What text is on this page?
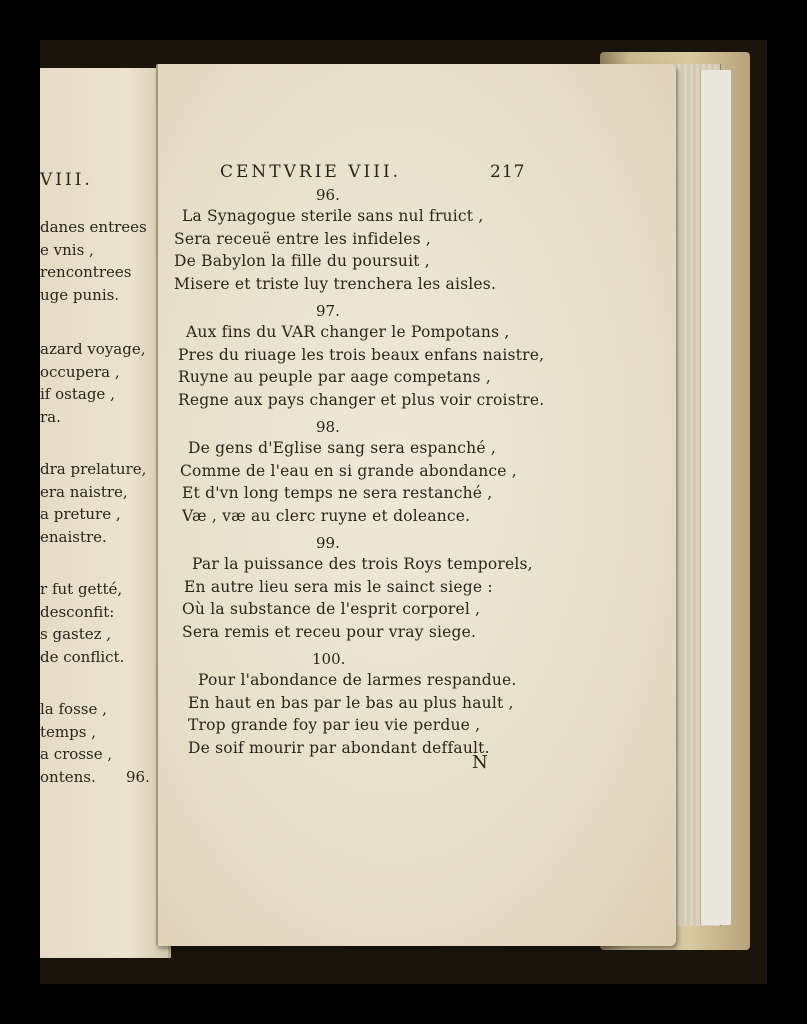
VIII.
danes entrees
e vnis ,
rencontrees
uge punis.
azard voyage,
occupera ,
if ostage ,
ra.
dra prelature,
era naistre,
a preture ,
enaistre.
r fut getté,
desconfit:
s gastez ,
de conflict.
la fosse ,
temps ,
a crosse ,
ontens. 96.
CENTVRIE VIII.	217
96.
La Synagogue sterile sans nul fruict ,
Sera receuë entre les infideles ,
De Babylon la fille du poursuit ,
Misere et triste luy trenchera les aisles.
97.
Aux fins du VAR changer le Pompotans ,
Pres du riuage les trois beaux enfans naistre,
Ruyne au peuple par aage competans ,
Regne aux pays changer et plus voir croistre.
98.
De gens d'Eglise sang sera espanché ,
Comme de l'eau en si grande abondance ,
Et d'vn long temps ne sera restanché ,
Væ , væ au clerc ruyne et doleance.
99.
Par la puissance des trois Roys temporels,
En autre lieu sera mis le sainct siege :
Où la substance de l'esprit corporel ,
Sera remis et receu pour vray siege.
100.
Pour l'abondance de larmes respandue.
En haut en bas par le bas au plus hault ,
Trop grande foy par ieu vie perdue ,
De soif mourir par abondant deffault.
N
